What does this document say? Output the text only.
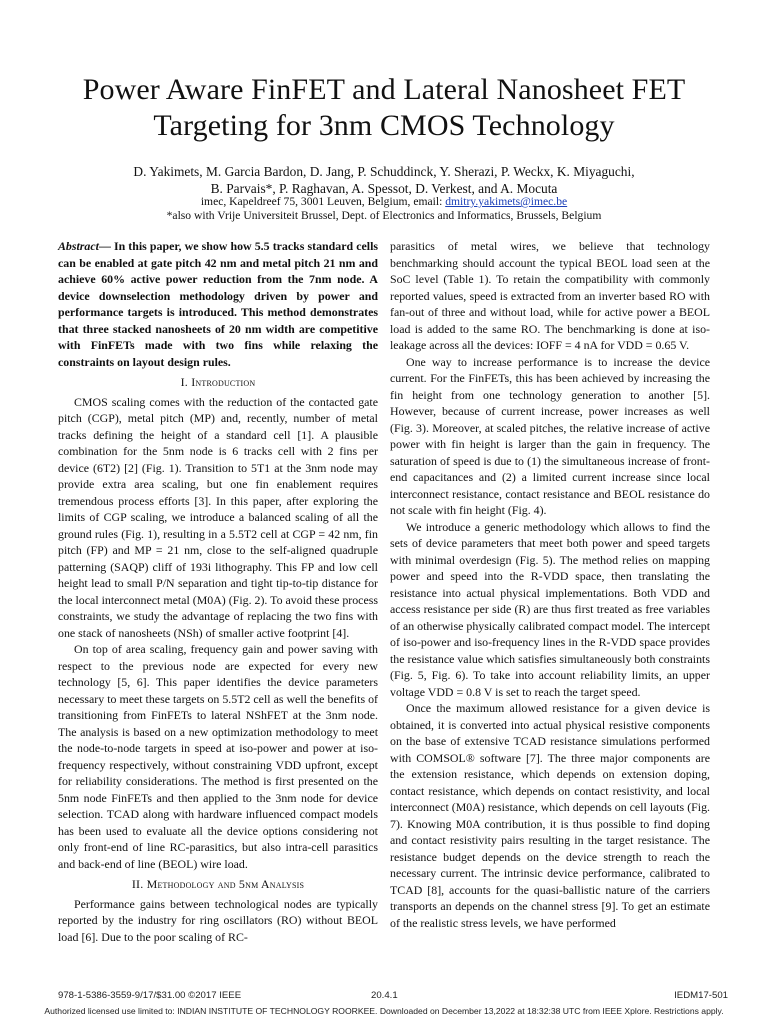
Power Aware FinFET and Lateral Nanosheet FET
Targeting for 3nm CMOS Technology
D. Yakimets, M. Garcia Bardon, D. Jang, P. Schuddinck, Y. Sherazi, P. Weckx, K. Miyaguchi,
B. Parvais*, P. Raghavan, A. Spessot, D. Verkest, and A. Mocuta
imec, Kapeldreef 75, 3001 Leuven, Belgium, email: dmitry.yakimets@imec.be
*also with Vrije Universiteit Brussel, Dept. of Electronics and Informatics, Brussels, Belgium

Abstract— In this paper, we show how 5.5 tracks standard cells can be enabled at gate pitch 42 nm and metal pitch 21 nm and achieve 60% active power reduction from the 7nm node. A device downselection methodology driven by power and performance targets is introduced. This method demonstrates that three stacked nanosheets of 20 nm width are competitive with FinFETs made with two fins while relaxing the constraints on layout design rules.

I. Introduction

CMOS scaling comes with the reduction of the contacted gate pitch (CGP), metal pitch (MP) and, recently, number of metal tracks defining the height of a standard cell [1]. A plausible combination for the 5nm node is 6 tracks cell with 2 fins per device (6T2) [2] (Fig. 1). Transition to 5T1 at the 3nm node may provide extra area scaling, but one fin enablement requires tremendous process efforts [3]. In this paper, after exploring the limits of CGP scaling, we introduce a balanced scaling of all the ground rules (Fig. 1), resulting in a 5.5T2 cell at CGP = 42 nm, fin pitch (FP) and MP = 21 nm, close to the self-aligned quadruple patterning (SAQP) cliff of 193i lithography. This FP and low cell height lead to small P/N separation and tight tip-to-tip distance for the local interconnect metal (M0A) (Fig. 2). To avoid these process constraints, we study the advantage of replacing the two fins with one stack of nanosheets (NSh) of smaller active footprint [4].

On top of area scaling, frequency gain and power saving with respect to the previous node are expected for every new technology [5, 6]. This paper identifies the device parameters necessary to meet these targets on 5.5T2 cell as well the benefits of transitioning from FinFETs to lateral NShFET at the 3nm node. The analysis is based on a new optimization methodology to meet the node-to-node targets in speed at iso-power and power at iso-frequency respectively, without constraining VDD upfront, except for reliability considerations. The method is first presented on the 5nm node FinFETs and then applied to the 3nm node for device selection. TCAD along with hardware influenced compact models has been used to evaluate all the device options considering not only front-end of line RC-parasitics, but also intra-cell parasitics and back-end of line (BEOL) wire load.

II. Methodology and 5nm Analysis

Performance gains between technological nodes are typically reported by the industry for ring oscillators (RO) without BEOL load [6]. Due to the poor scaling of RC-

parasitics of metal wires, we believe that technology benchmarking should account the typical BEOL load seen at the SoC level (Table 1). To retain the compatibility with commonly reported values, speed is extracted from an inverter based RO with fan-out of three and without load, while for active power a BEOL load is added to the same RO. The benchmarking is done at iso-leakage across all the devices: IOFF = 4 nA for VDD = 0.65 V.

One way to increase performance is to increase the device current. For the FinFETs, this has been achieved by increasing the fin height from one technology generation to another [5]. However, because of current increase, power increases as well (Fig. 3). Moreover, at scaled pitches, the relative increase of active power with fin height is larger than the gain in frequency. The saturation of speed is due to (1) the simultaneous increase of front-end capacitances and (2) a limited current increase since local interconnect resistance, contact resistance and BEOL resistance do not scale with fin height (Fig. 4).

We introduce a generic methodology which allows to find the sets of device parameters that meet both power and speed targets with minimal overdesign (Fig. 5). The method relies on mapping power and speed into the R-VDD space, then translating the resistance into actual physical implementations. Both VDD and access resistance per side (R) are thus first treated as free variables of an otherwise physically calibrated compact model. The intercept of iso-power and iso-frequency lines in the R-VDD space provides the resistance value which satisfies simultaneously both constraints (Fig. 5, Fig. 6). To take into account reliability limits, an upper voltage VDD = 0.8 V is set to reach the target speed.

Once the maximum allowed resistance for a given device is obtained, it is converted into actual physical resistive components on the base of extensive TCAD resistance simulations performed with COMSOL® software [7]. The three major components are the extension resistance, which depends on extension doping, contact resistance, which depends on contact resistivity, and local interconnect (M0A) resistance, which depends on cell layouts (Fig. 7). Knowing M0A contribution, it is thus possible to find doping and contact resistivity pairs resulting in the target resistance. The resistance budget depends on the device strength to reach the necessary current. The intrinsic device performance, calibrated to TCAD [8], accounts for the quasi-ballistic nature of the carriers transports an depends on the channel stress [9]. To get an estimate of the realistic stress levels, we have performed

978-1-5386-3559-9/17/$31.00 ©2017 IEEE	20.4.1	IEDM17-501
Authorized licensed use limited to: INDIAN INSTITUTE OF TECHNOLOGY ROORKEE. Downloaded on December 13,2022 at 18:32:38 UTC from IEEE Xplore. Restrictions apply.
